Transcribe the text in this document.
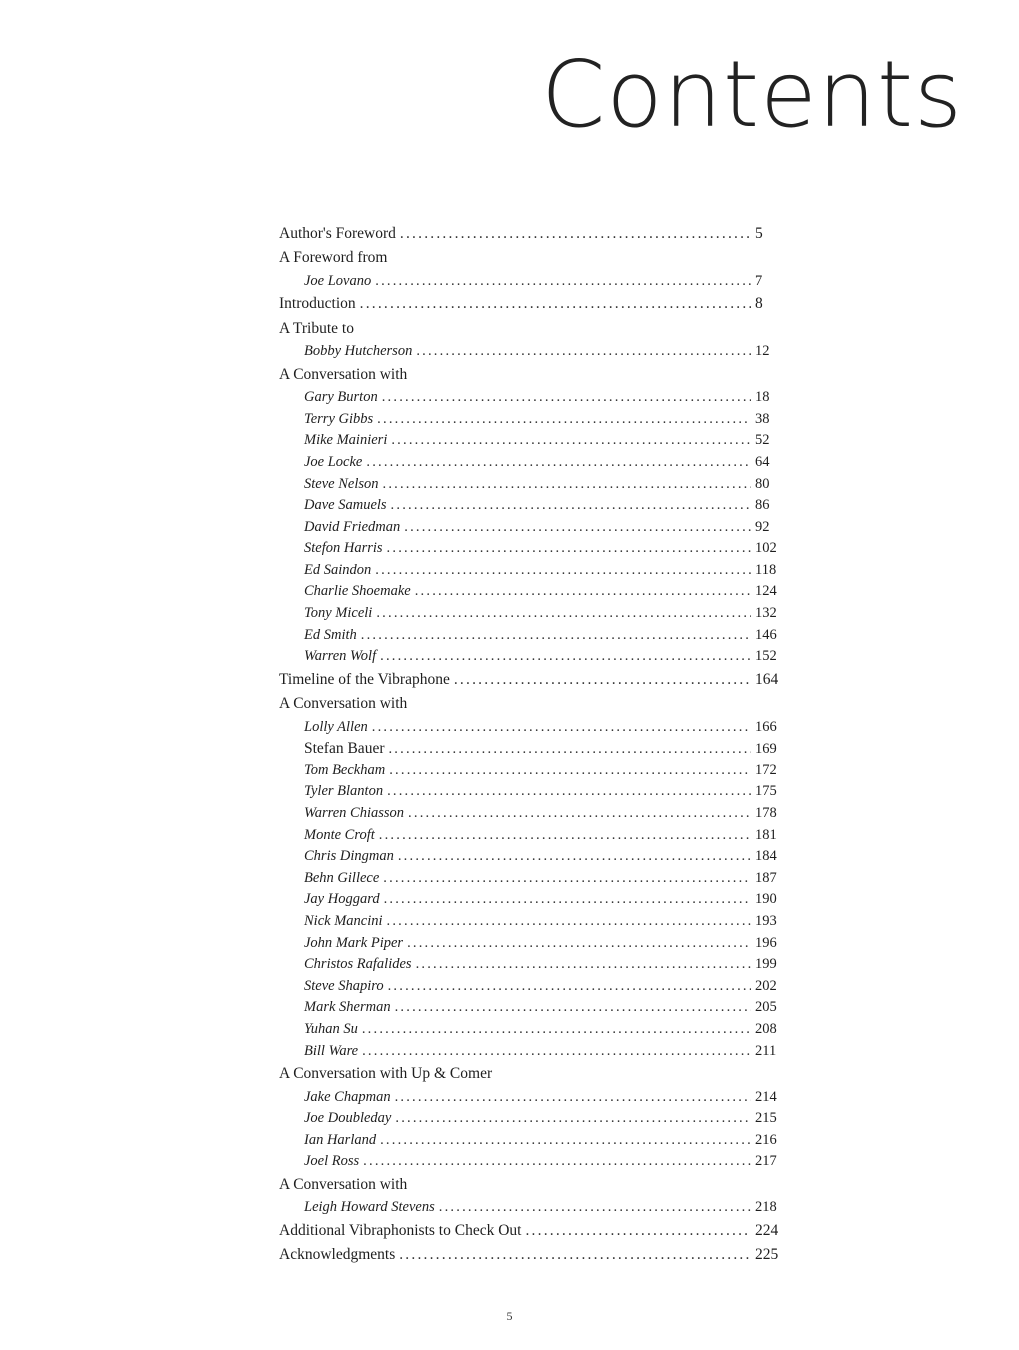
Contents
Author's Foreword .....	5
A Foreword from
Joe Lovano .....	7
Introduction .....	8
A Tribute to
Bobby Hutcherson .....	12
A Conversation with
Gary Burton .....	18
Terry Gibbs .....	38
Mike Mainieri .....	52
Joe Locke .....	64
Steve Nelson .....	80
Dave Samuels .....	86
David Friedman .....	92
Stefon Harris .....	102
Ed Saindon .....	118
Charlie Shoemake .....	124
Tony Miceli .....	132
Ed Smith .....	146
Warren Wolf .....	152
Timeline of the Vibraphone .....	164
A Conversation with
Lolly Allen .....	166
Stefan Bauer .....	169
Tom Beckham .....	172
Tyler Blanton .....	175
Warren Chiasson .....	178
Monte Croft .....	181
Chris Dingman .....	184
Behn Gillece .....	187
Jay Hoggard .....	190
Nick Mancini .....	193
John Mark Piper .....	196
Christos Rafalides .....	199
Steve Shapiro .....	202
Mark Sherman .....	205
Yuhan Su .....	208
Bill Ware .....	211
A Conversation with Up & Comer
Jake Chapman .....	214
Joe Doubleday .....	215
Ian Harland .....	216
Joel Ross .....	217
A Conversation with
Leigh Howard Stevens .....	218
Additional Vibraphonists to Check Out .....	224
Acknowledgments .....	225
5
